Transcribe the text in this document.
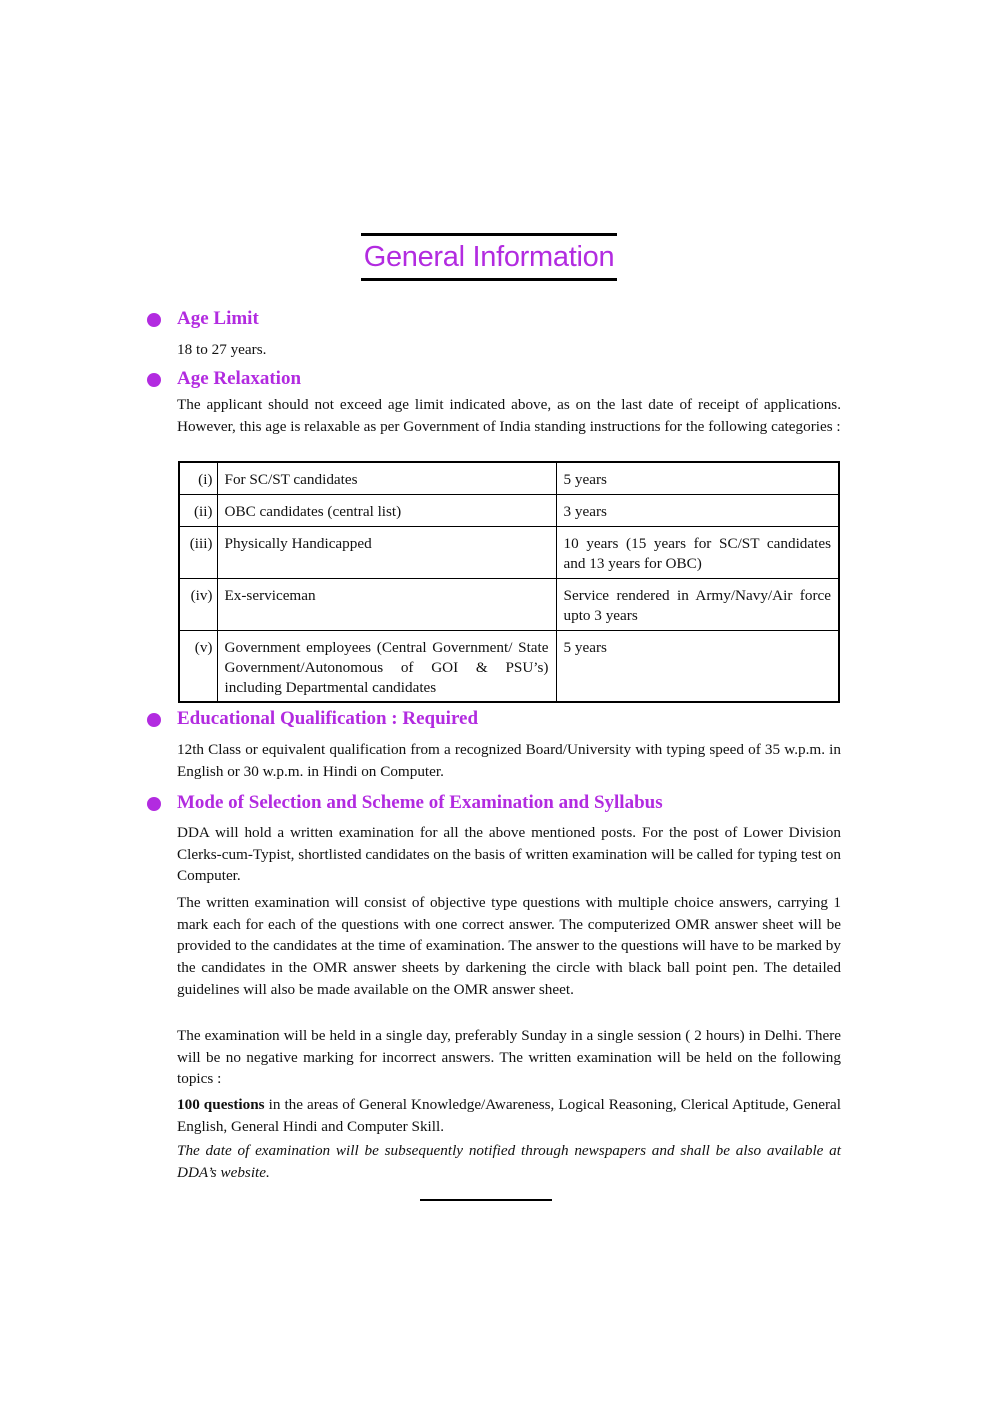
General Information
Age Limit
18 to 27 years.
Age Relaxation
The applicant should not exceed age limit indicated above, as on the last date of receipt of applications. However, this age is relaxable as per Government of India standing instructions for the following categories :
(i)	For SC/ST candidates	5 years
(ii)	OBC candidates (central list)	3 years
(iii)	Physically Handicapped	10 years (15 years for SC/ST candidates and 13 years for OBC)
(iv)	Ex-serviceman	Service rendered in Army/Navy/Air force upto 3 years
(v)	Government employees (Central Government/ State Government/Autonomous of GOI & PSU’s) including Departmental candidates	5 years
Educational Qualification : Required
12th Class or equivalent qualification from a recognized Board/University with typing speed of 35 w.p.m. in English or 30 w.p.m. in Hindi on Computer.
Mode of Selection and Scheme of Examination and Syllabus
DDA will hold a written examination for all the above mentioned posts. For the post of Lower Division Clerks-cum-Typist, shortlisted candidates on the basis of written examination will be called for typing test on Computer.
The written examination will consist of objective type questions with multiple choice answers, carrying 1 mark each for each of the questions with one correct answer. The computerized OMR answer sheet will be provided to the candidates at the time of examination. The answer to the questions will have to be marked by the candidates in the OMR answer sheets by darkening the circle with black ball point pen. The detailed guidelines will also be made available on the OMR answer sheet.
The examination will be held in a single day, preferably Sunday in a single session ( 2 hours) in Delhi. There will be no negative marking for incorrect answers. The written examination will be held on the following topics :
100 questions in the areas of General Knowledge/Awareness, Logical Reasoning, Clerical Aptitude, General English, General Hindi and Computer Skill.
The date of examination will be subsequently notified through newspapers and shall be also available at DDA’s website.
